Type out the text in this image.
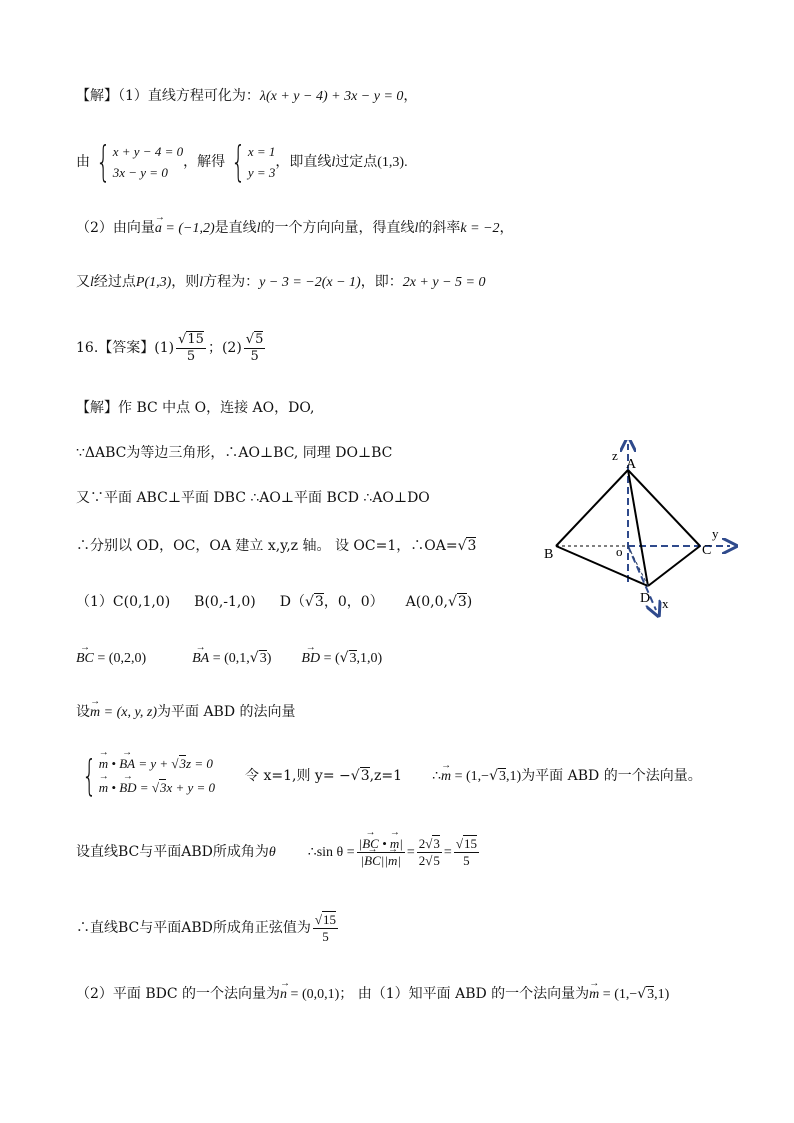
【解】（1）直线方程可化为：λ(x + y − 4) + 3x − y = 0，
由 { x + y − 4 = 0
3x − y = 0
，解得 { x = 1
y = 3
，即直线l过定点(1,3).
（2）由向量a → = (−1,2)是直线l的一个方向向量，得直线l的斜率k = −2，
又l经过点P(1,3)，则l方程为：y − 3 = −2(x − 1)，即：2x + y − 5 = 0
16.【答案】$(1) \frac{√15}{5}$ ；$(2) \frac{√5}{5}$
【解】作 BC 中点 O，连接 AO，DO,
∵ΔABC为等边三角形，∴AO⊥BC, 同理 DO⊥BC
又∵平面 ABC⊥平面 DBC ∴AO⊥平面 BCD ∴AO⊥DO
∴分别以 OD，OC，OA 建立 x,y,z 轴。 设 OC=1，∴OA=√3
（1）C(0,1,0) B(0,-1,0) D（√3，0，0） A(0,0,√3)
BC → = (0,2,0)	BA → = (0,1,√3) BD → = (√3,1,0)
设m → = (x, y, z)为平面 ABD 的法向量
{ m → • BA → = y + √3z = 0
m → • BD → = √3x + y = 0
令 x=1,则 y= −√3,z=1 ∴m → = (1,−√3,1)为平面 ABD 的一个法向量。
设直线BC与平面ABD所成角为θ ∴sin $\theta = \frac{|BC \to • m \to|}{|BC \to||m \to|} = \frac{2√3}{2√5} = \frac{√15}{5}$
∴直线BC与平面ABD所成角正弦值为 $\frac{√15}{5}$
（2）平面 BDC 的一个法向量为n → = (0,0,1)； 由（1）知平面 ABD 的一个法向量为m → = (1,−√3,1)
z
A
y
B	o	C
D x
